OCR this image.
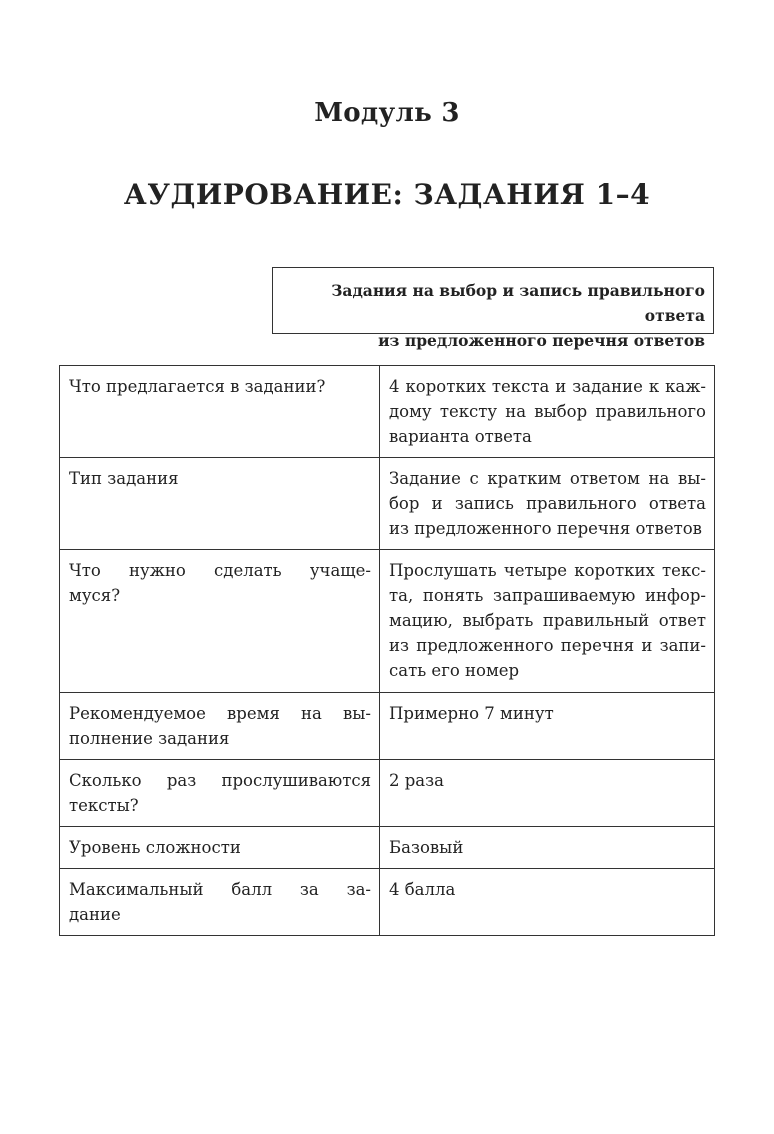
Модуль 3
АУДИРОВАНИЕ: ЗАДАНИЯ 1–4
Задания на выбор и запись правильного ответа
из предложенного перечня ответов
Что предлагается в задании?	4 коротких текста и задание к каж-
дому тексту на выбор правильного
варианта ответа

Тип задания	Задание с кратким ответом на вы-
бор и запись правильного ответа
из предложенного перечня ответов

Что нужно сделать учаще-
муся?	Прослушать четыре коротких текс-
та, понять запрашиваемую инфор-
мацию, выбрать правильный ответ
из предложенного перечня и запи-
сать его номер

Рекомендуемое время на вы-
полнение задания	Примерно 7 минут

Сколько раз прослушиваются
тексты?	2 раза

Уровень сложности	Базовый

Максимальный балл за за-
дание	4 балла
